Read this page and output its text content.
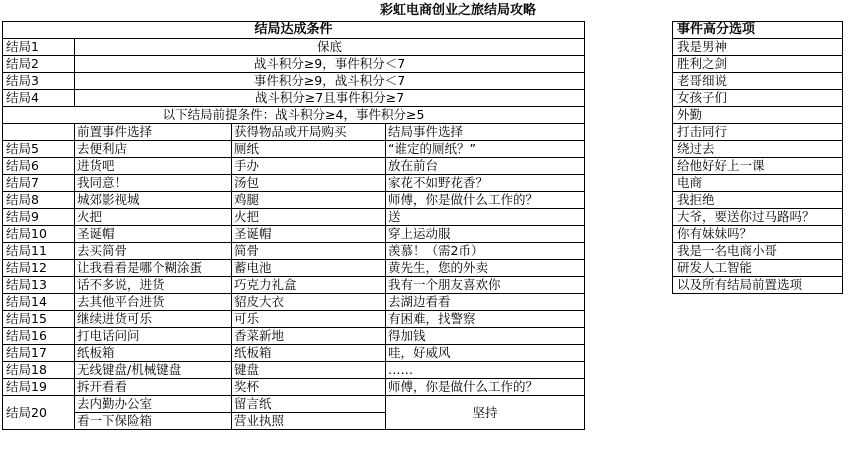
彩虹电商创业之旅结局攻略
结局达成条件			
结局1	保底		
结局2	战斗积分≥9，事件积分＜7		
结局3	事件积分≥9，战斗积分＜7		
结局4	战斗积分≥7且事件积分≥7		
以下结局前提条件：战斗积分≥4，事件积分≥5			
	前置事件选择	获得物品或开局购买	结局事件选择
结局5	去便利店	厕纸	“谁定的厕纸？”
结局6	进货吧	手办	放在前台
结局7	我同意！	汤包	家花不如野花香？
结局8	城郊影视城	鸡腿	师傅，你是做什么工作的？
结局9	火把	火把	送
结局10	圣诞帽	圣诞帽	穿上运动服
结局11	去买简骨	简骨	羡慕！（需2币）
结局12	让我看看是哪个糊涂蛋	蓄电池	黄先生，您的外卖
结局13	话不多说，进货	巧克力礼盒	我有一个朋友喜欢你
结局14	去其他平台进货	貂皮大衣	去湖边看看
结局15	继续进货可乐	可乐	有困难，找警察
结局16	打电话问问	香菜新地	得加钱
结局17	纸板箱	纸板箱	哇，好威风
结局18	无线键盘/机械键盘	键盘	……
结局19	拆开看看	奖杯	师傅，你是做什么工作的？
结局20	去内勤办公室	留言纸	坚持
	看一下保险箱	营业执照	
事件高分选项
我是男神
胜利之剑
老哥细说
女孩子们
外勤
打击同行
绕过去
给他好好上一课
电商
我拒绝
大爷，要送你过马路吗？
你有妹妹吗？
我是一名电商小哥
研发人工智能
以及所有结局前置选项
